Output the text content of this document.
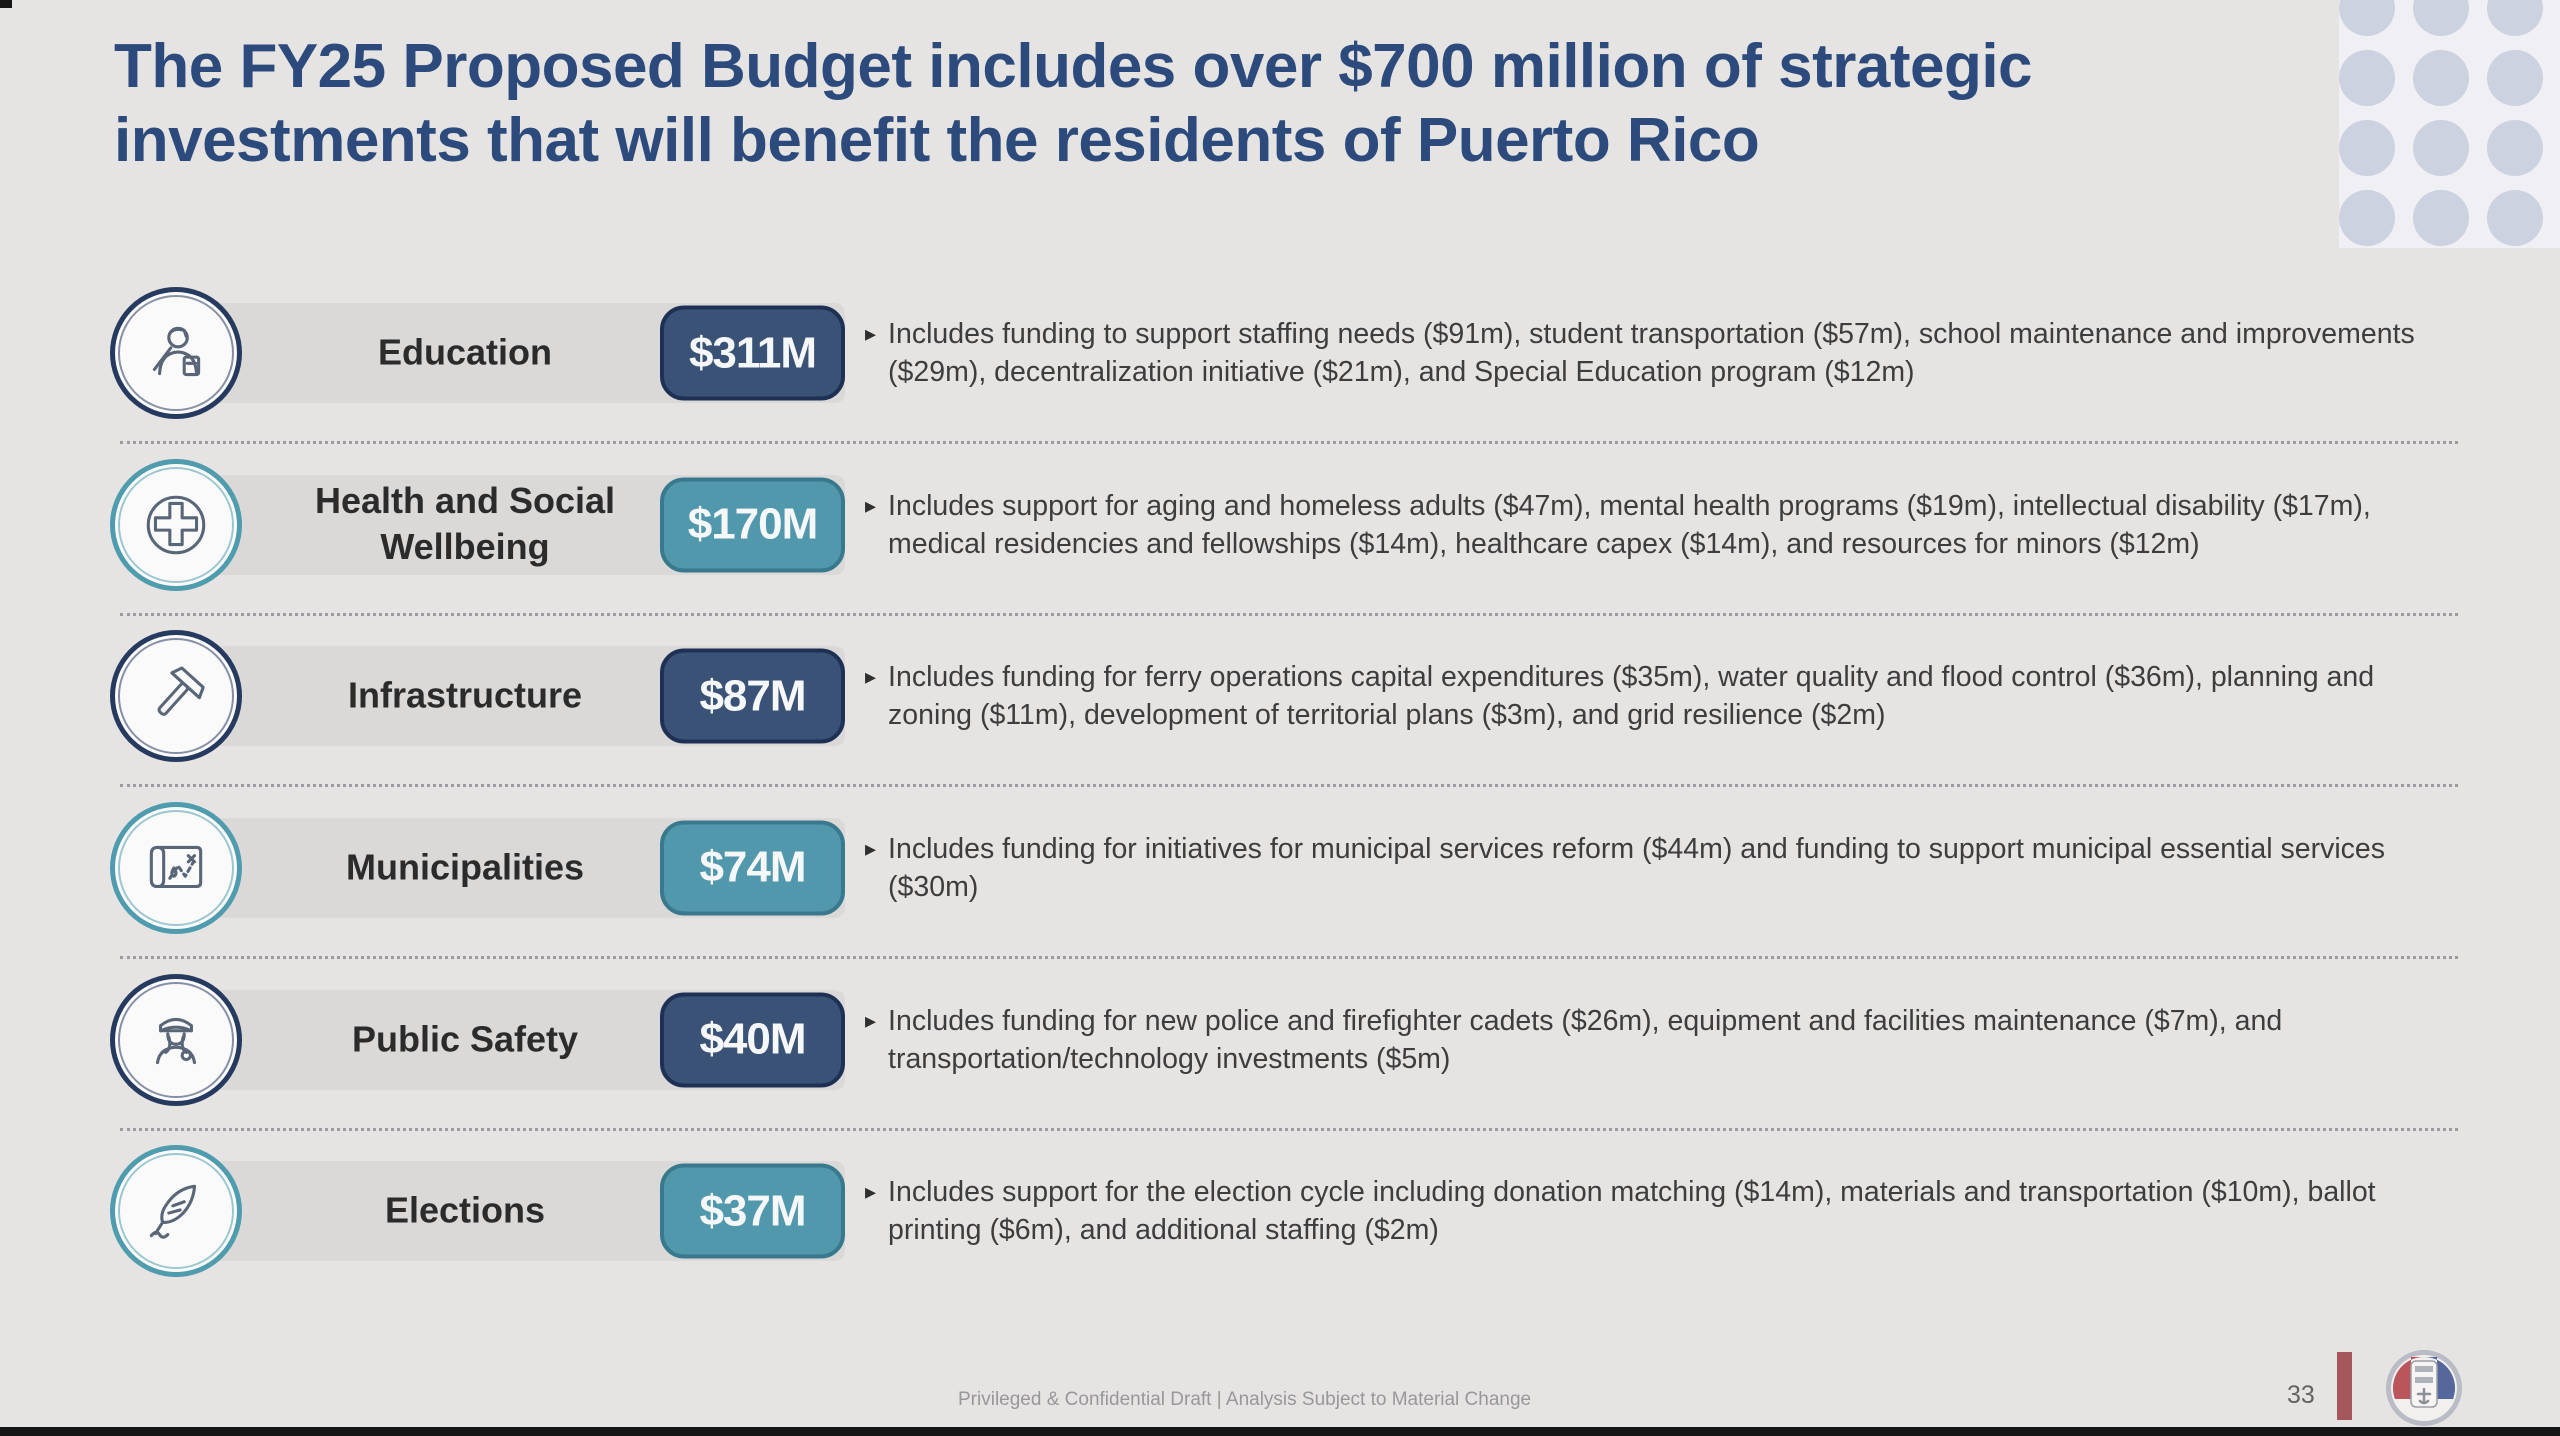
The FY25 Proposed Budget includes over $700 million of strategic
investments that will benefit the residents of Puerto Rico
Education	$311M ▸ Includes funding to support staffing needs ($91m), student transportation ($57m), school maintenance and improvements ($29m), decentralization initiative ($21m), and Special Education program ($12m)
Health and Social Wellbeing	$170M ▸ Includes support for aging and homeless adults ($47m), mental health programs ($19m), intellectual disability ($17m), medical residencies and fellowships ($14m), healthcare capex ($14m), and resources for minors ($12m)
Infrastructure	$87M	▸ Includes funding for ferry operations capital expenditures ($35m), water quality and flood control ($36m), planning and zoning ($11m), development of territorial plans ($3m), and grid resilience ($2m)
Municipalities	$74M	▸ Includes funding for initiatives for municipal services reform ($44m) and funding to support municipal essential services ($30m)
Public Safety	$40M	▸ Includes funding for new police and firefighter cadets ($26m), equipment and facilities maintenance ($7m), and transportation/technology investments ($5m)
Elections	$37M	▸ Includes support for the election cycle including donation matching ($14m), materials and transportation ($10m), ballot printing ($6m), and additional staffing ($2m)
Privileged & Confidential Draft | Analysis Subject to Material Change	33
